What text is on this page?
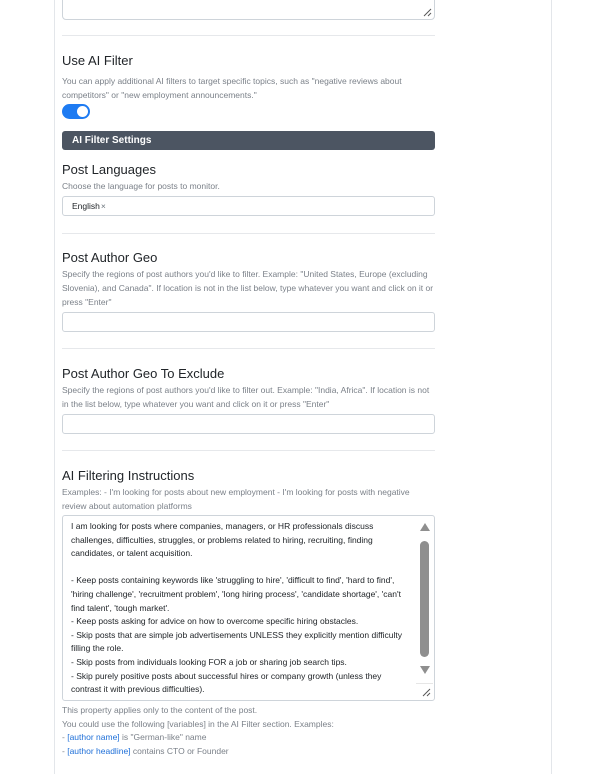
Use AI Filter
You can apply additional AI filters to target specific topics, such as "negative reviews about competitors" or "new employment announcements."
AI Filter Settings
Post Languages
Choose the language for posts to monitor.
English×
Post Author Geo
Specify the regions of post authors you'd like to filter. Example: "United States, Europe (excluding Slovenia), and Canada". If location is not in the list below, type whatever you want and click on it or press "Enter"
Post Author Geo To Exclude
Specify the regions of post authors you'd like to filter out. Example: "India, Africa". If location is not in the list below, type whatever you want and click on it or press "Enter"
AI Filtering Instructions
Examples: - I'm looking for posts about new employment - I'm looking for posts with negative review about automation platforms
I am looking for posts where companies, managers, or HR professionals discuss challenges, difficulties, struggles, or problems related to hiring, recruiting, finding candidates, or talent acquisition.

- Keep posts containing keywords like 'struggling to hire', 'difficult to find', 'hard to find', 'hiring challenge', 'recruitment problem', 'long hiring process', 'candidate shortage', 'can't find talent', 'tough market'.
- Keep posts asking for advice on how to overcome specific hiring obstacles.
- Skip posts that are simple job advertisements UNLESS they explicitly mention difficulty filling the role.
- Skip posts from individuals looking FOR a job or sharing job search tips.
- Skip purely positive posts about successful hires or company growth (unless they contrast it with previous difficulties).
This property applies only to the content of the post.
You could use the following [variables] in the AI Filter section. Examples:
- [author name] is "German-like" name
- [author headline] contains CTO or Founder
